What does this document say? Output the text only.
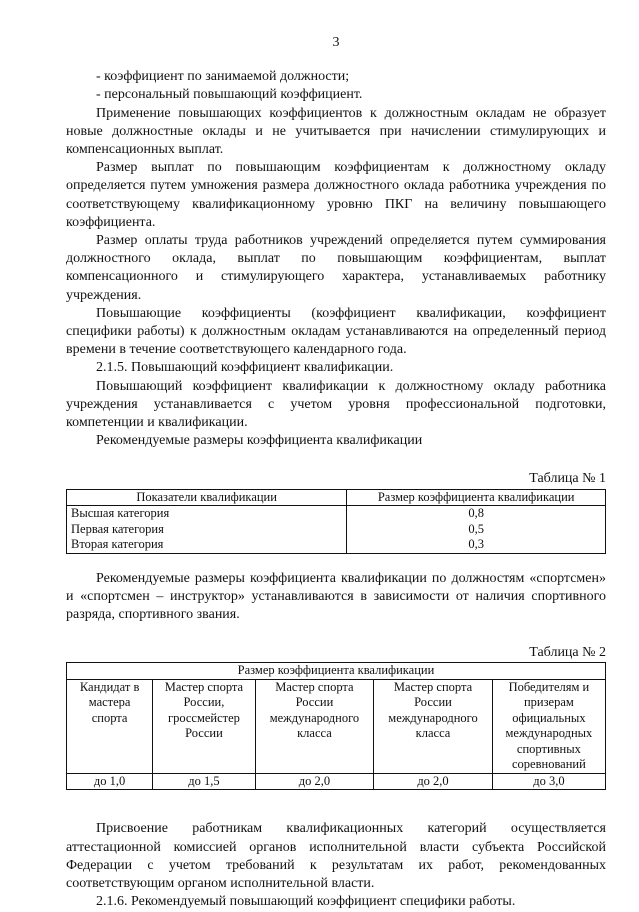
3

- коэффициент по занимаемой должности;

- персональный повышающий коэффициент.

Применение повышающих коэффициентов к должностным окладам не образует новые должностные оклады и не учитывается при начислении стимулирующих и компенсационных выплат.

Размер выплат по повышающим коэффициентам к должностному окладу определяется путем умножения размера должностного оклада работника учреждения по соответствующему квалификационному уровню ПКГ на величину повышающего коэффициента.

Размер оплаты труда работников учреждений определяется путем суммирования должностного оклада, выплат по повышающим коэффициентам, выплат компенсационного и стимулирующего характера, устанавливаемых работнику учреждения.

Повышающие коэффициенты (коэффициент квалификации, коэффициент специфики работы) к должностным окладам устанавливаются на определенный период времени в течение соответствующего календарного года.

2.1.5. Повышающий коэффициент квалификации.

Повышающий коэффициент квалификации к должностному окладу работника учреждения устанавливается с учетом уровня профессиональной подготовки, компетенции и квалификации.

Рекомендуемые размеры коэффициента квалификации

Таблица № 1
Показатели квалификации	Размер коэффициента квалификации
Высшая категория	0,8
Первая категория	0,5
Вторая категория	0,3

Рекомендуемые размеры коэффициента квалификации по должностям «спортсмен» и «спортсмен – инструктор» устанавливаются в зависимости от наличия спортивного разряда, спортивного звания.

Таблица № 2
Размер коэффициента квалификации				
Кандидат в мастера спорта	Мастер спорта России, гроссмейстер России	Мастер спорта России международного класса	Мастер спорта России международного класса	Победителям и призерам официальных международных спортивных соревнований
до 1,0	до 1,5	до 2,0	до 2,0	до 3,0

Присвоение работникам квалификационных категорий осуществляется аттестационной комиссией органов исполнительной власти субъекта Российской Федерации с учетом требований к результатам их работ, рекомендованных соответствующим органом исполнительной власти.

2.1.6. Рекомендуемый повышающий коэффициент специфики работы.
